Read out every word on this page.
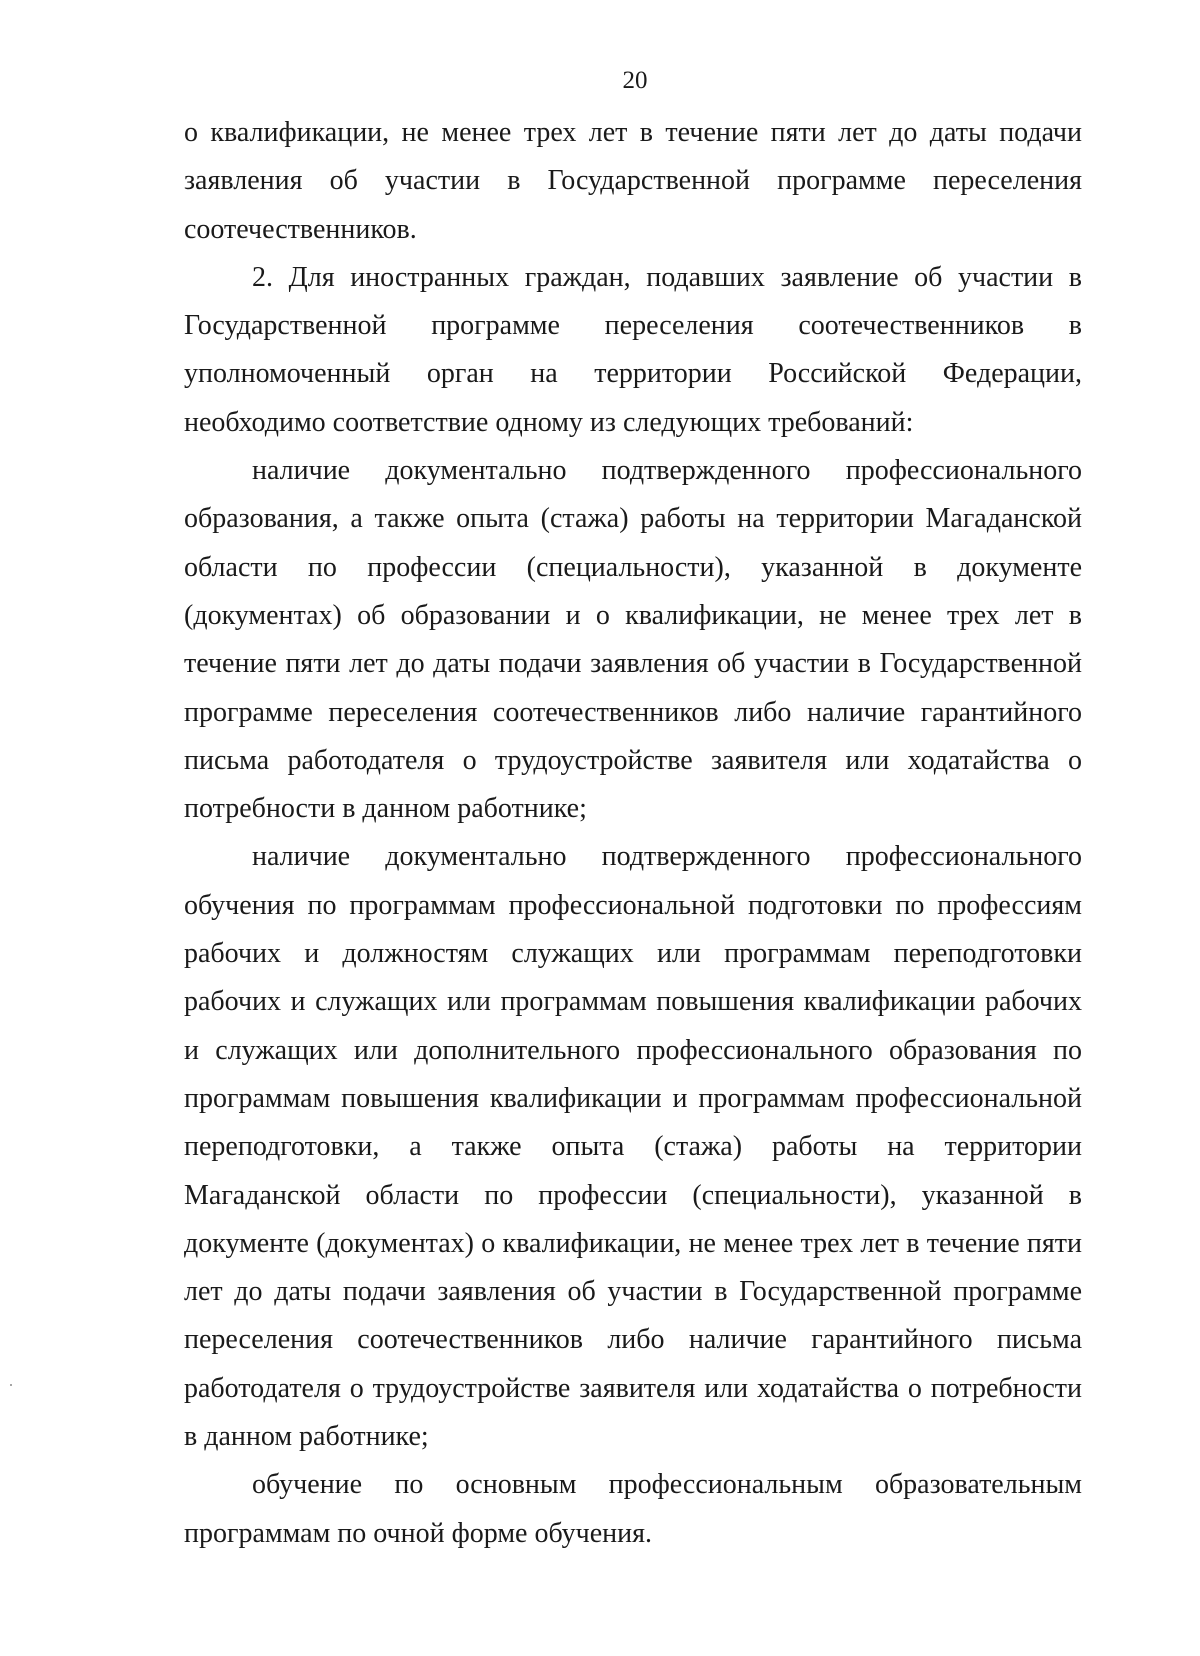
20

о квалификации, не менее трех лет в течение пяти лет до даты подачи заявления об участии в Государственной программе переселения соотечественников.

2. Для иностранных граждан, подавших заявление об участии в Государственной программе переселения соотечественников в уполномоченный орган на территории Российской Федерации, необходимо соответствие одному из следующих требований:

наличие документально подтвержденного профессионального образования, а также опыта (стажа) работы на территории Магаданской области по профессии (специальности), указанной в документе (документах) об образовании и о квалификации, не менее трех лет в течение пяти лет до даты подачи заявления об участии в Государственной программе переселения соотечественников либо наличие гарантийного письма работодателя о трудоустройстве заявителя или ходатайства о потребности в данном работнике;

наличие документально подтвержденного профессионального обучения по программам профессиональной подготовки по профессиям рабочих и должностям служащих или программам переподготовки рабочих и служащих или программам повышения квалификации рабочих и служащих или дополнительного профессионального образования по программам повышения квалификации и программам профессиональной переподготовки, а также опыта (стажа) работы на территории Магаданской области по профессии (специальности), указанной в документе (документах) о квалификации, не менее трех лет в течение пяти лет до даты подачи заявления об участии в Государственной программе переселения соотечественников либо наличие гарантийного письма работодателя о трудоустройстве заявителя или ходатайства о потребности в данном работнике;

обучение по основным профессиональным образовательным программам по очной форме обучения.
